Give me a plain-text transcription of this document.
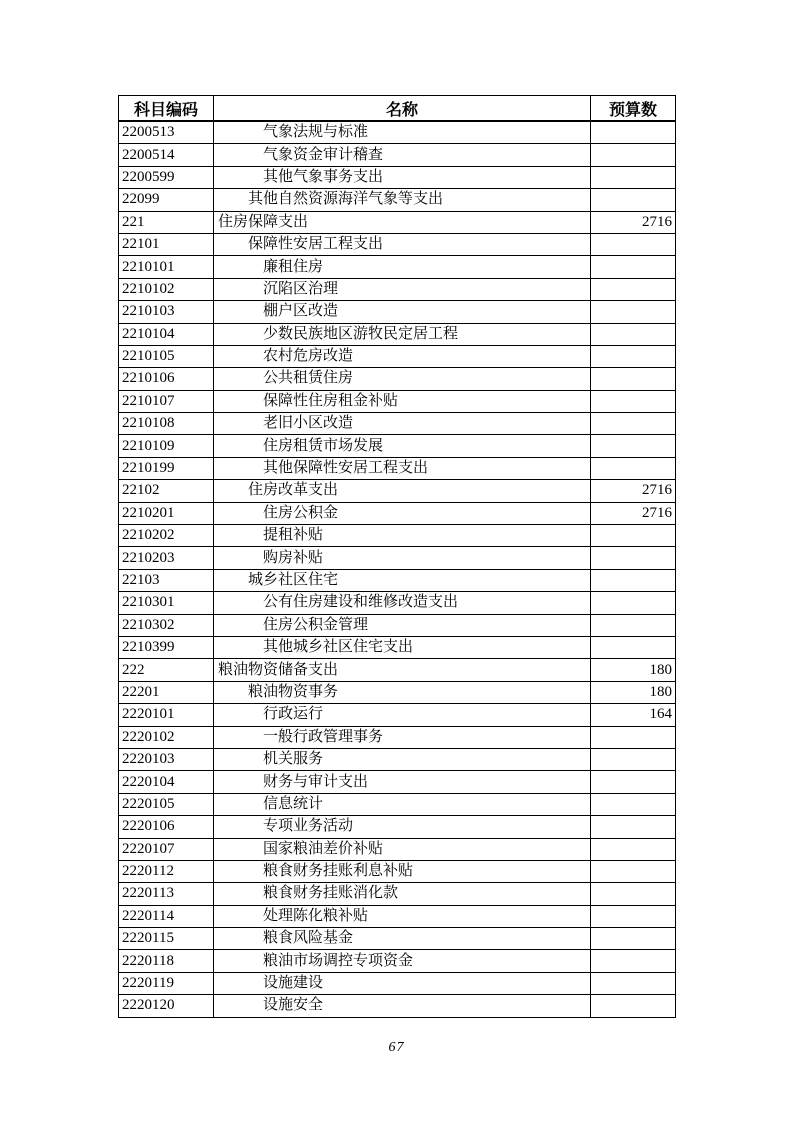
科目编码	名称	预算数
2200513	气象法规与标准	
2200514	气象资金审计稽查	
2200599	其他气象事务支出	
22099	其他自然资源海洋气象等支出	
221	住房保障支出	2716
22101	保障性安居工程支出	
2210101	廉租住房	
2210102	沉陷区治理	
2210103	棚户区改造	
2210104	少数民族地区游牧民定居工程	
2210105	农村危房改造	
2210106	公共租赁住房	
2210107	保障性住房租金补贴	
2210108	老旧小区改造	
2210109	住房租赁市场发展	
2210199	其他保障性安居工程支出	
22102	住房改革支出	2716
2210201	住房公积金	2716
2210202	提租补贴	
2210203	购房补贴	
22103	城乡社区住宅	
2210301	公有住房建设和维修改造支出	
2210302	住房公积金管理	
2210399	其他城乡社区住宅支出	
222	粮油物资储备支出	180
22201	粮油物资事务	180
2220101	行政运行	164
2220102	一般行政管理事务	
2220103	机关服务	
2220104	财务与审计支出	
2220105	信息统计	
2220106	专项业务活动	
2220107	国家粮油差价补贴	
2220112	粮食财务挂账利息补贴	
2220113	粮食财务挂账消化款	
2220114	处理陈化粮补贴	
2220115	粮食风险基金	
2220118	粮油市场调控专项资金	
2220119	设施建设	
2220120	设施安全	
67
